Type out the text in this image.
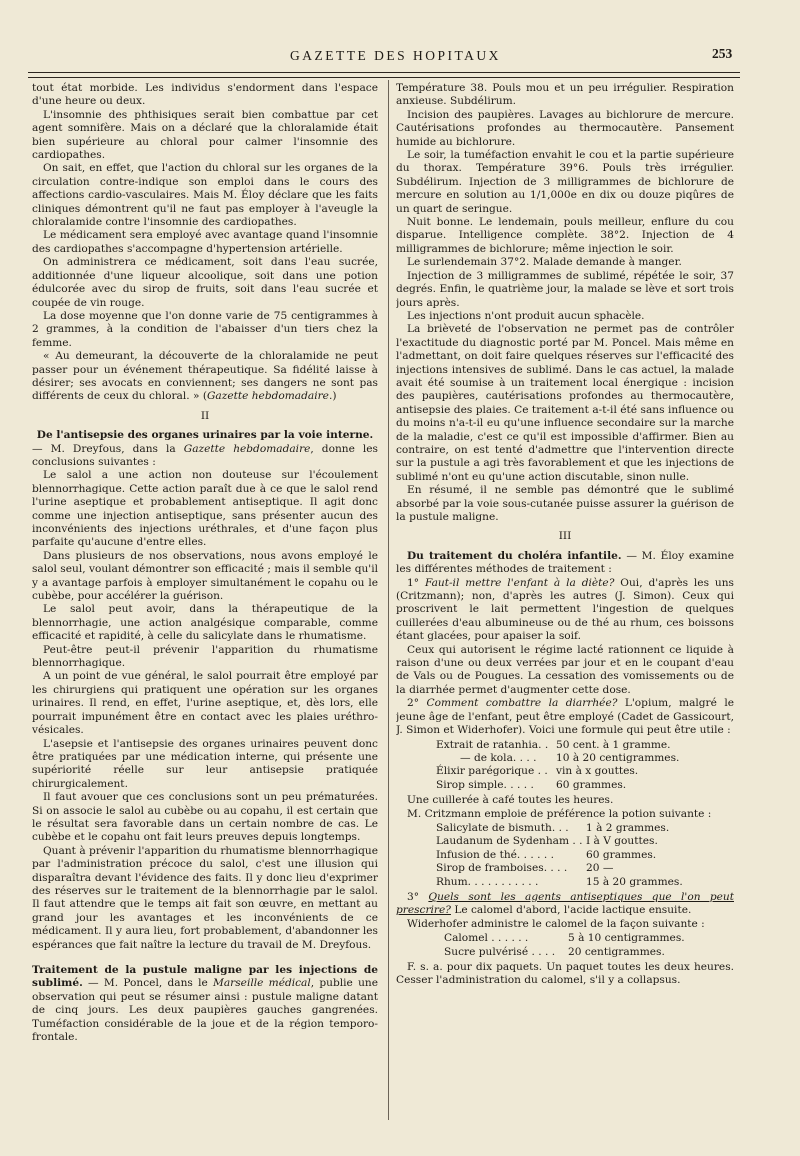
GAZETTE DES HOPITAUX	253

tout état morbide. Les individus s'endorment dans l'espace d'une heure ou deux.

L'insomnie des phthisiques serait bien combattue par cet agent somnifère. Mais on a déclaré que la chloralamide était bien supérieure au chloral pour calmer l'insomnie des cardiopathes.

On sait, en effet, que l'action du chloral sur les organes de la circulation contre-indique son emploi dans le cours des affections cardio-vasculaires. Mais M. Éloy déclare que les faits cliniques démontrent qu'il ne faut pas employer à l'aveugle la chloralamide contre l'insomnie des cardiopathes.

Le médicament sera employé avec avantage quand l'insomnie des cardiopathes s'accompagne d'hypertension artérielle.

On administrera ce médicament, soit dans l'eau sucrée, additionnée d'une liqueur alcoolique, soit dans une potion édulcorée avec du sirop de fruits, soit dans l'eau sucrée et coupée de vin rouge.

La dose moyenne que l'on donne varie de 75 centigrammes à 2 grammes, à la condition de l'abaisser d'un tiers chez la femme.

« Au demeurant, la découverte de la chloralamide ne peut passer pour un événement thérapeutique. Sa fidélité laisse à désirer; ses avocats en conviennent; ses dangers ne sont pas différents de ceux du chloral. » (Gazette hebdomadaire.)

II

De l'antisepsie des organes urinaires par la voie interne.

— M. Dreyfous, dans la Gazette hebdomadaire, donne les conclusions suivantes :

Le salol a une action non douteuse sur l'écoulement blennorrhagique. Cette action paraît due à ce que le salol rend l'urine aseptique et probablement antiseptique. Il agit donc comme une injection antiseptique, sans présenter aucun des inconvénients des injections uréthrales, et d'une façon plus parfaite qu'aucune d'entre elles.

Dans plusieurs de nos observations, nous avons employé le salol seul, voulant démontrer son efficacité ; mais il semble qu'il y a avantage parfois à employer simultanément le copahu ou le cubèbe, pour accélérer la guérison.

Le salol peut avoir, dans la thérapeutique de la blennorrhagie, une action analgésique comparable, comme efficacité et rapidité, à celle du salicylate dans le rhumatisme.

Peut-être peut-il prévenir l'apparition du rhumatisme blennorrhagique.

A un point de vue général, le salol pourrait être employé par les chirurgiens qui pratiquent une opération sur les organes urinaires. Il rend, en effet, l'urine aseptique, et, dès lors, elle pourrait impunément être en contact avec les plaies uréthro-vésicales.

L'asepsie et l'antisepsie des organes urinaires peuvent donc être pratiquées par une médication interne, qui présente une supériorité réelle sur leur antisepsie pratiquée chirurgicalement.

Il faut avouer que ces conclusions sont un peu prématurées. Si on associe le salol au cubèbe ou au copahu, il est certain que le résultat sera favorable dans un certain nombre de cas. Le cubèbe et le copahu ont fait leurs preuves depuis longtemps.

Quant à prévenir l'apparition du rhumatisme blennorrhagique par l'administration précoce du salol, c'est une illusion qui disparaîtra devant l'évidence des faits. Il y donc lieu d'exprimer des réserves sur le traitement de la blennorrhagie par le salol. Il faut attendre que le temps ait fait son œuvre, en mettant au grand jour les avantages et les inconvénients de ce médicament. Il y aura lieu, fort probablement, d'abandonner les espérances que fait naître la lecture du travail de M. Dreyfous.

Traitement de la pustule maligne par les injections de sublimé. — M. Poncel, dans le Marseille médical, publie une observation qui peut se résumer ainsi : pustule maligne datant de cinq jours. Les deux paupières gauches gangrenées. Tuméfaction considérable de la joue et de la région temporo-frontale.

Température 38. Pouls mou et un peu irrégulier. Respiration anxieuse. Subdélirum.

Incision des paupières. Lavages au bichlorure de mercure. Cautérisations profondes au thermocautère. Pansement humide au bichlorure.

Le soir, la tuméfaction envahit le cou et la partie supérieure du thorax. Température 39°6. Pouls très irrégulier. Subdélirum. Injection de 3 milligrammes de bichlorure de mercure en solution au 1/1,000e en dix ou douze piqûres de un quart de seringue.

Nuit bonne. Le lendemain, pouls meilleur, enflure du cou disparue. Intelligence complète. 38°2. Injection de 4 milligrammes de bichlorure; même injection le soir.

Le surlendemain 37°2. Malade demande à manger.

Injection de 3 milligrammes de sublimé, répétée le soir, 37 degrés. Enfin, le quatrième jour, la malade se lève et sort trois jours après.

Les injections n'ont produit aucun sphacèle.

La brièveté de l'observation ne permet pas de contrôler l'exactitude du diagnostic porté par M. Poncel. Mais même en l'admettant, on doit faire quelques réserves sur l'efficacité des injections intensives de sublimé. Dans le cas actuel, la malade avait été soumise à un traitement local énergique : incision des paupières, cautérisations profondes au thermocautère, antisepsie des plaies. Ce traitement a-t-il été sans influence ou du moins n'a-t-il eu qu'une influence secondaire sur la marche de la maladie, c'est ce qu'il est impossible d'affirmer. Bien au contraire, on est tenté d'admettre que l'intervention directe sur la pustule a agi très favorablement et que les injections de sublimé n'ont eu qu'une action discutable, sinon nulle.

En résumé, il ne semble pas démontré que le sublimé absorbé par la voie sous-cutanée puisse assurer la guérison de la pustule maligne.

III

Du traitement du choléra infantile. — M. Éloy examine les différentes méthodes de traitement :

1° Faut-il mettre l'enfant à la diète? Oui, d'après les uns (Critzmann); non, d'après les autres (J. Simon). Ceux qui proscrivent le lait permettent l'ingestion de quelques cuillerées d'eau albumineuse ou de thé au rhum, ces boissons étant glacées, pour apaiser la soif.

Ceux qui autorisent le régime lacté rationnent ce liquide à raison d'une ou deux verrées par jour et en le coupant d'eau de Vals ou de Pougues. La cessation des vomissements ou de la diarrhée permet d'augmenter cette dose.

2° Comment combattre la diarrhée? L'opium, malgré le jeune âge de l'enfant, peut être employé (Cadet de Gassicourt, J. Simon et Widerhofer). Voici une formule qui peut être utile :

Extrait de ratanhia. . 50 cent. à 1 gramme.
— de kola. . . .	10 à 20 centigrammes.
Élixir parégorique . . vin à x gouttes.
Sirop simple. . . . .	60 grammes.

Une cuillerée à café toutes les heures.

M. Critzmann emploie de préférence la potion suivante :

Salicylate de bismuth. . .	1 à 2 grammes.
Laudanum de Sydenham . . I à V gouttes.
Infusion de thé. . . . . .	60 grammes.
Sirop de framboises. . . .	20 —
Rhum. . . . . . . . . . .	15 à 20 grammes.

3° Quels sont les agents antiseptiques que l'on peut prescrire? Le calomel d'abord, l'acide lactique ensuite.

Widerhofer administre le calomel de la façon suivante :

Calomel . . . . . .	5 à 10 centigrammes.
Sucre pulvérisé . . . .	20 centigrammes.

F. s. a. pour dix paquets. Un paquet toutes les deux heures. Cesser l'administration du calomel, s'il y a collapsus.
